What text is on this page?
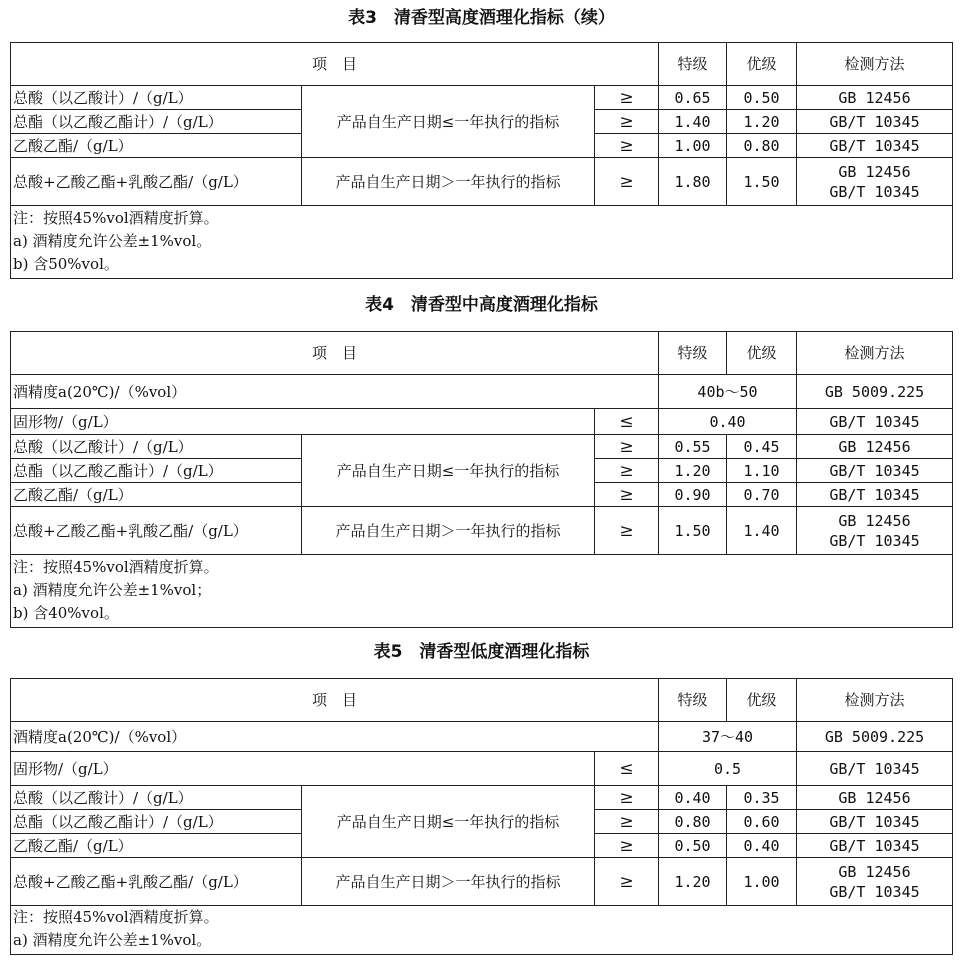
表3　清香型高度酒理化指标（续）
项　目			特级	优级	检测方法
总酸（以乙酸计）/（g/L）	产品自生产日期≤一年执行的指标	≥	0.65	0.50	GB 12456
总酯（以乙酸乙酯计）/（g/L）		≥	1.40	1.20	GB/T 10345
乙酸乙酯/（g/L）		≥	1.00	0.80	GB/T 10345
总酸+乙酸乙酯+乳酸乙酯/（g/L）	产品自生产日期＞一年执行的指标	≥	1.80	1.50	GB 12456
GB/T 10345

注：按照45%vol酒精度折算。
a) 酒精度允许公差±1%vol。
b) 含50%vol。					
表4　清香型中高度酒理化指标
项　目			特级	优级	检测方法
酒精度a(20℃)/（%vol）			40b～50		GB 5009.225
固形物/（g/L）		≤	0.40		GB/T 10345
总酸（以乙酸计）/（g/L）	产品自生产日期≤一年执行的指标	≥	0.55	0.45	GB 12456
总酯（以乙酸乙酯计）/（g/L）		≥	1.20	1.10	GB/T 10345
乙酸乙酯/（g/L）		≥	0.90	0.70	GB/T 10345
总酸+乙酸乙酯+乳酸乙酯/（g/L）	产品自生产日期＞一年执行的指标	≥	1.50	1.40	GB 12456
GB/T 10345

注：按照45%vol酒精度折算。
a) 酒精度允许公差±1%vol；
b) 含40%vol。					
表5　清香型低度酒理化指标
项　目			特级	优级	检测方法
酒精度a(20℃)/（%vol）			37～40		GB 5009.225
固形物/（g/L）		≤	0.5		GB/T 10345
总酸（以乙酸计）/（g/L）	产品自生产日期≤一年执行的指标	≥	0.40	0.35	GB 12456
总酯（以乙酸乙酯计）/（g/L）		≥	0.80	0.60	GB/T 10345
乙酸乙酯/（g/L）		≥	0.50	0.40	GB/T 10345
总酸+乙酸乙酯+乳酸乙酯/（g/L）	产品自生产日期＞一年执行的指标	≥	1.20	1.00	GB 12456
GB/T 10345

注：按照45%vol酒精度折算。
a) 酒精度允许公差±1%vol。					
